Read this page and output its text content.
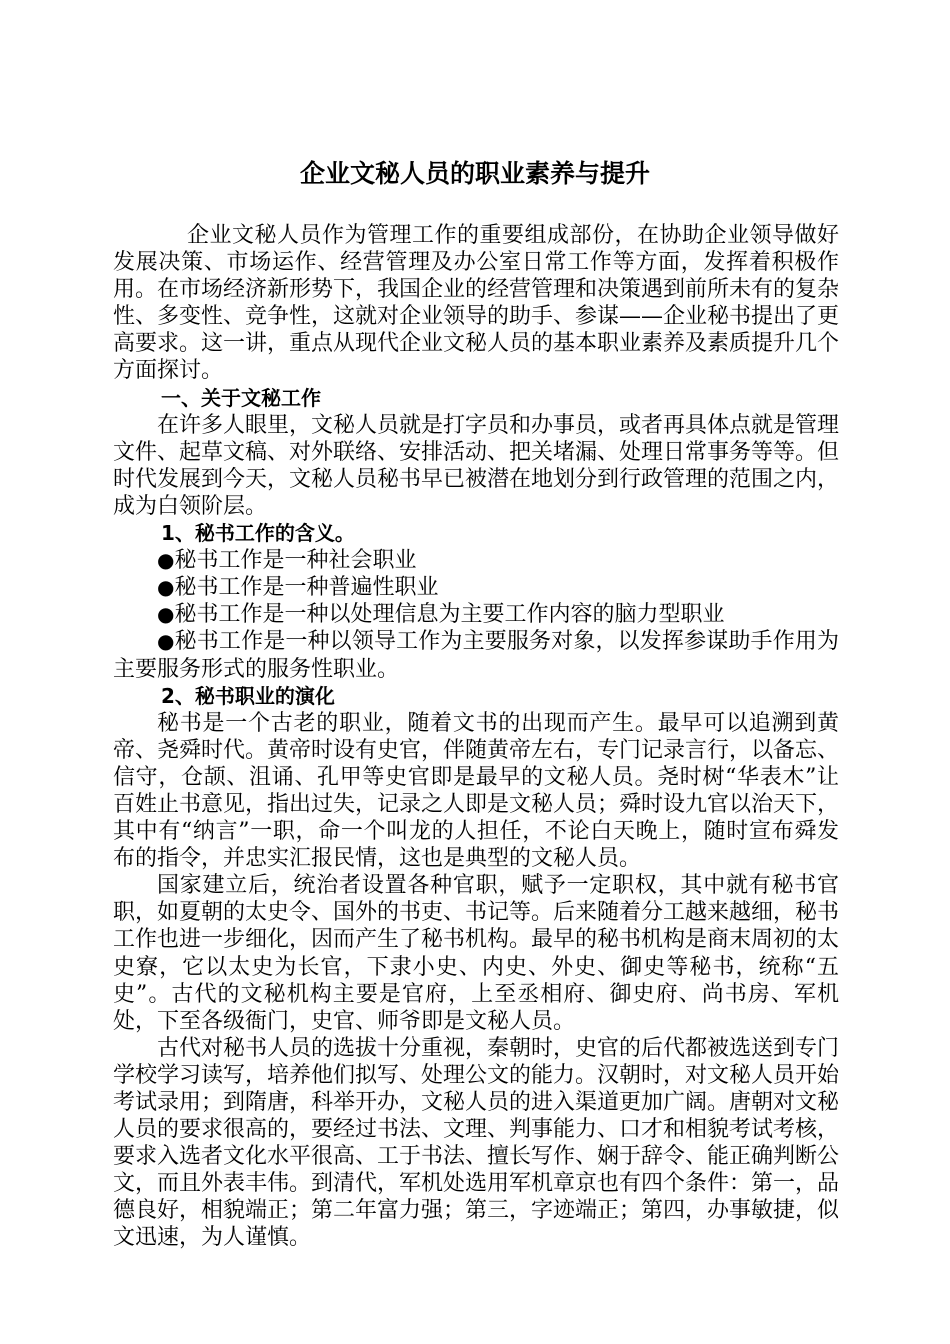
企业文秘人员的职业素养与提升

企业文秘人员作为管理工作的重要组成部份，在协助企业领导做好发展决策、市场运作、经营管理及办公室日常工作等方面，发挥着积极作用。在市场经济新形势下，我国企业的经营管理和决策遇到前所未有的复杂性、多变性、竞争性，这就对企业领导的助手、参谋——企业秘书提出了更高要求。这一讲，重点从现代企业文秘人员的基本职业素养及素质提升几个方面探讨。

一、关于文秘工作

在许多人眼里，文秘人员就是打字员和办事员，或者再具体点就是管理文件、起草文稿、对外联络、安排活动、把关堵漏、处理日常事务等等。但时代发展到今天，文秘人员秘书早已被潜在地划分到行政管理的范围之内，成为白领阶层。

1、秘书工作的含义。

●秘书工作是一种社会职业

●秘书工作是一种普遍性职业

●秘书工作是一种以处理信息为主要工作内容的脑力型职业

●秘书工作是一种以领导工作为主要服务对象，以发挥参谋助手作用为主要服务形式的服务性职业。

2、秘书职业的演化

秘书是一个古老的职业，随着文书的出现而产生。最早可以追溯到黄帝、尧舜时代。黄帝时设有史官，伴随黄帝左右，专门记录言行，以备忘、信守，仓颉、沮诵、孔甲等史官即是最早的文秘人员。尧时树“华表木”让百姓止书意见，指出过失，记录之人即是文秘人员；舜时设九官以治天下，其中有“纳言”一职，命一个叫龙的人担任，不论白天晚上，随时宣布舜发布的指令，并忠实汇报民情，这也是典型的文秘人员。

国家建立后，统治者设置各种官职，赋予一定职权，其中就有秘书官职，如夏朝的太史令、国外的书吏、书记等。后来随着分工越来越细，秘书工作也进一步细化，因而产生了秘书机构。最早的秘书机构是商末周初的太史寮，它以太史为长官，下隶小史、内史、外史、御史等秘书，统称“五史”。古代的文秘机构主要是官府，上至丞相府、御史府、尚书房、军机处，下至各级衙门，史官、师爷即是文秘人员。

古代对秘书人员的选拔十分重视，秦朝时，史官的后代都被选送到专门学校学习读写，培养他们拟写、处理公文的能力。汉朝时，对文秘人员开始考试录用；到隋唐，科举开办，文秘人员的进入渠道更加广阔。唐朝对文秘人员的要求很高的，要经过书法、文理、判事能力、口才和相貌考试考核，要求入选者文化水平很高、工于书法、擅长写作、娴于辞令、能正确判断公文，而且外表丰伟。到清代，军机处选用军机章京也有四个条件：第一，品德良好，相貌端正；第二年富力强；第三，字迹端正；第四，办事敏捷，似文迅速，为人谨慎。
